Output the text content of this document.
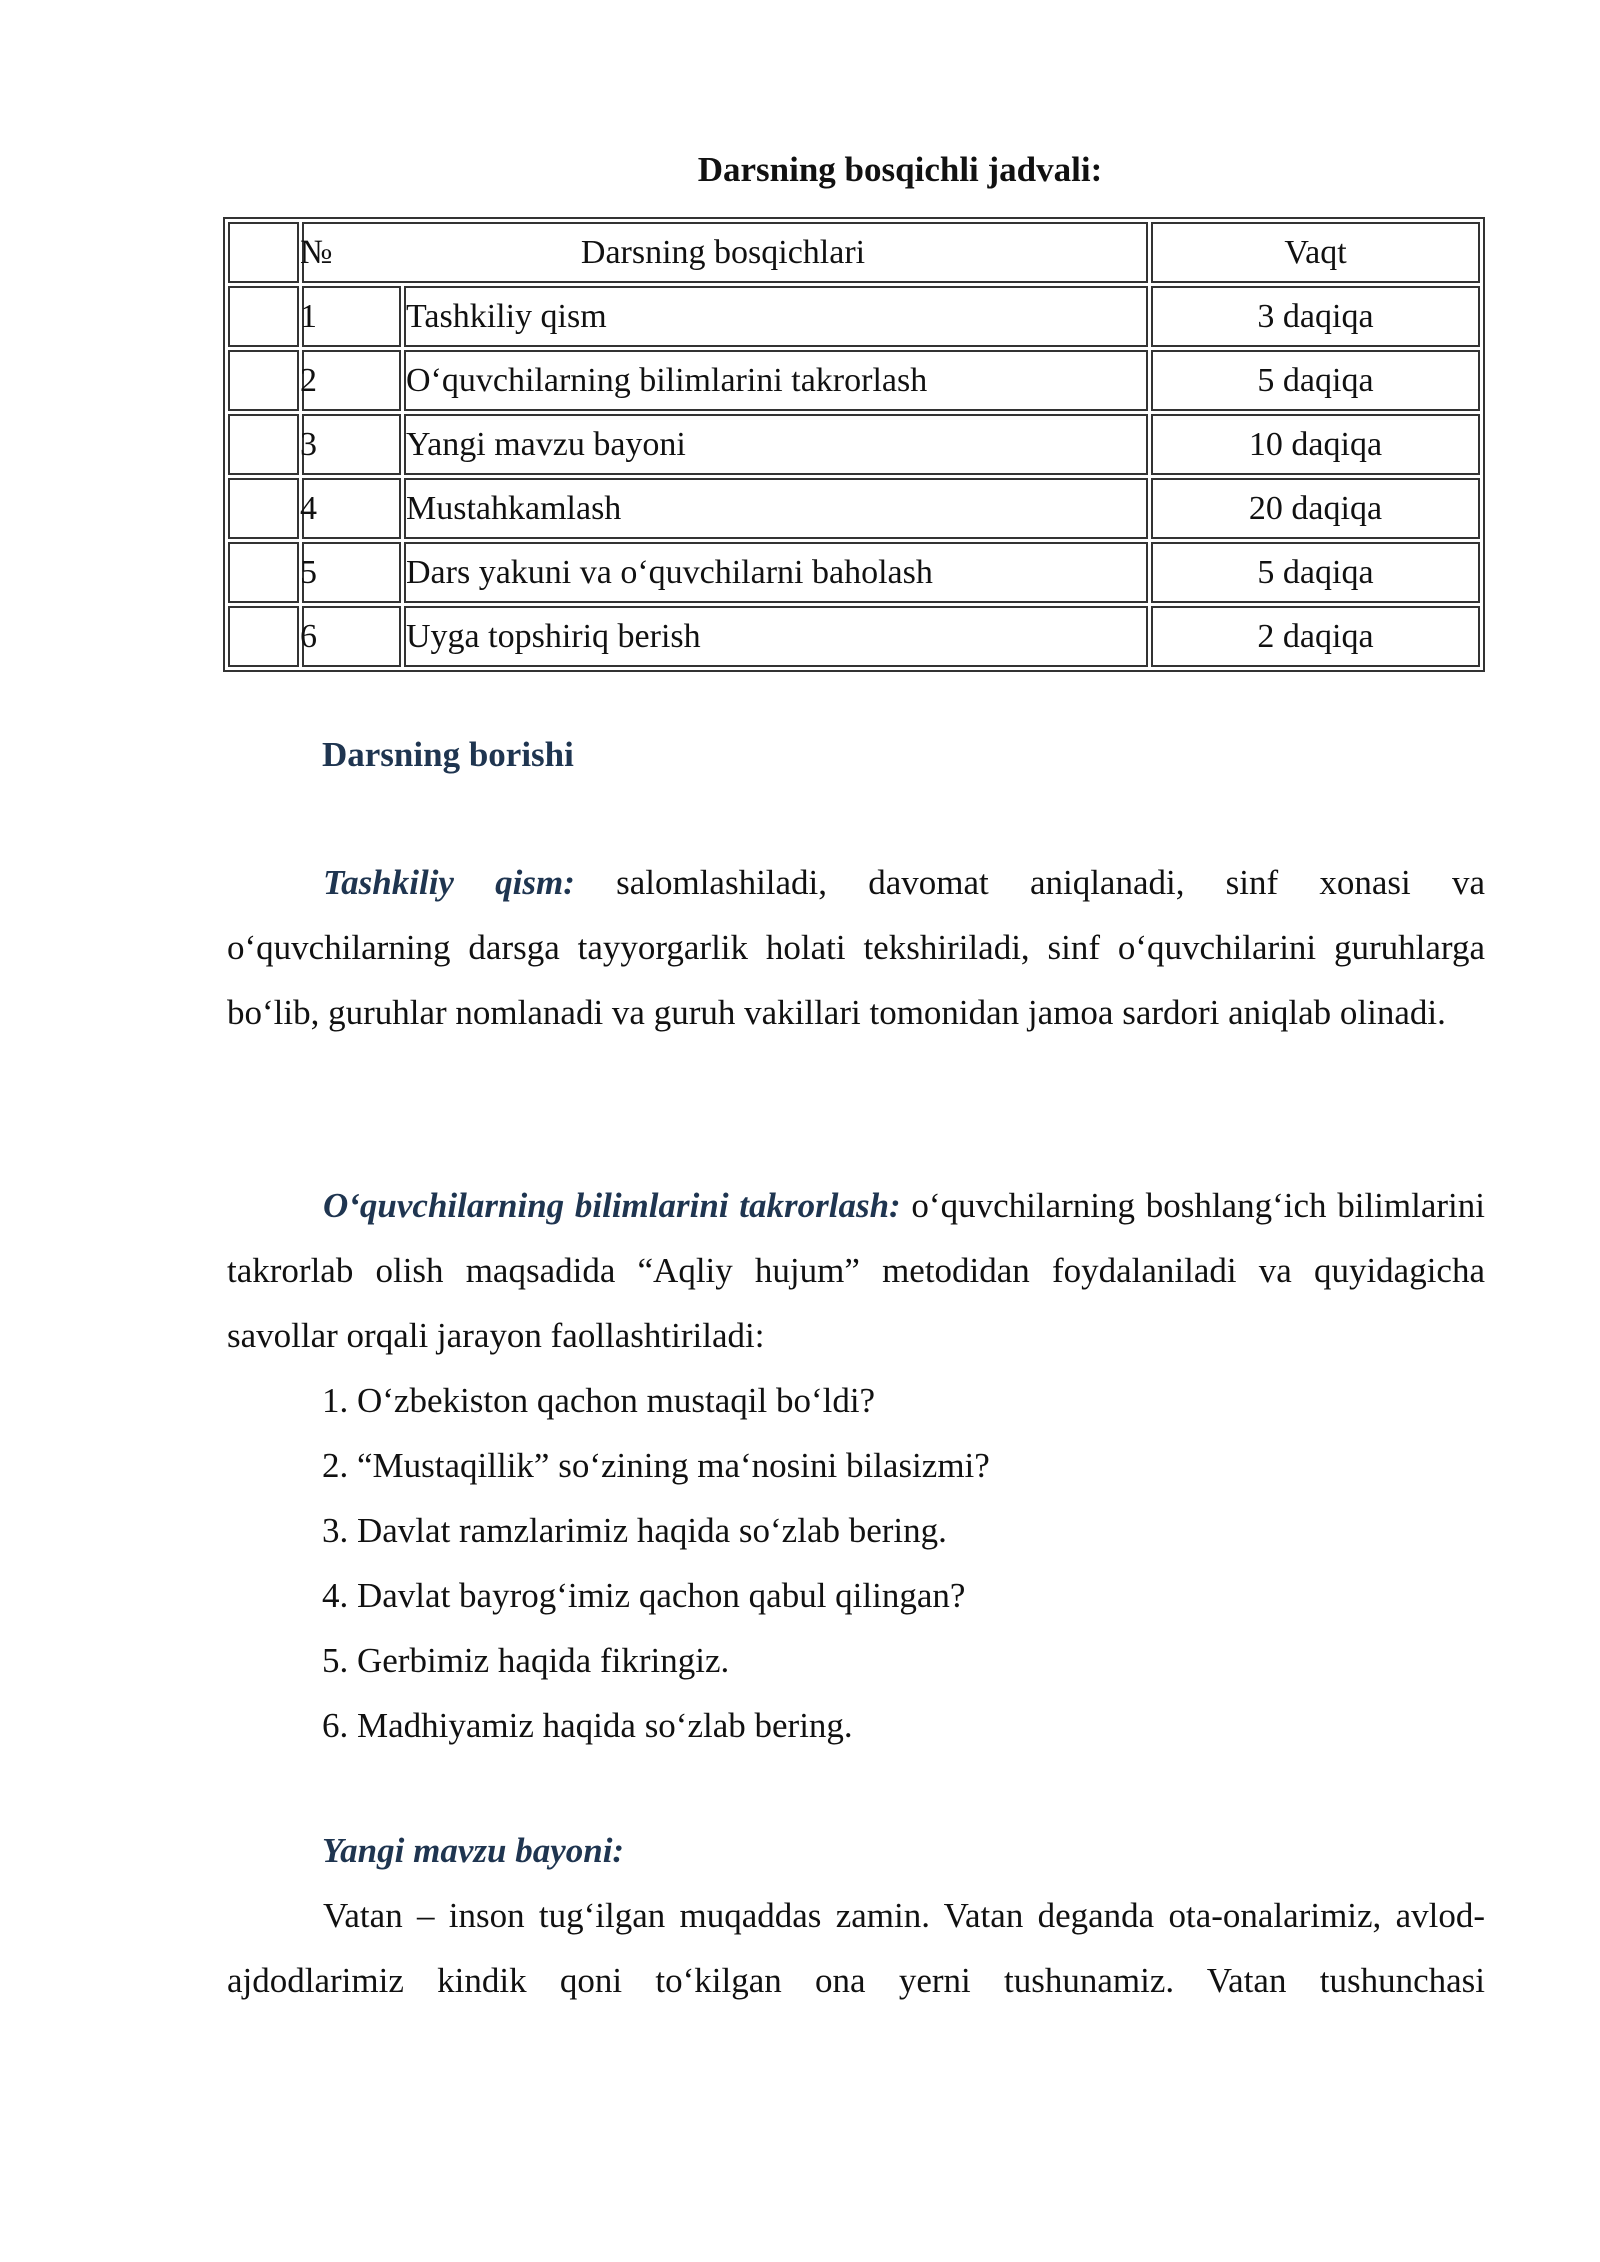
Darsning bosqichli jadvali:

	№ Darsning bosqichlari		Vaqt
	1	Tashkiliy qism	3 daqiqa
	2	O‘quvchilarning bilimlarini takrorlash	5 daqiqa
	3	Yangi mavzu bayoni	10 daqiqa
	4	Mustahkamlash	20 daqiqa
	5	Dars yakuni va o‘quvchilarni baholash	5 daqiqa
	6	Uyga topshiriq berish	2 daqiqa
Darsning borishi

Tashkiliy qism: salomlashiladi, davomat aniqlanadi, sinf xonasi va o‘quvchilarning darsga tayyorgarlik holati tekshiriladi, sinf o‘quvchilarini guruhlarga bo‘lib, guruhlar nomlanadi va guruh vakillari tomonidan jamoa sardori aniqlab olinadi.

O‘quvchilarning bilimlarini takrorlash: o‘quvchilarning boshlang‘ich bilimlarini takrorlab olish maqsadida “Aqliy hujum” metodidan foydalaniladi va quyidagicha savollar orqali jarayon faollashtiriladi:

1. O‘zbekiston qachon mustaqil bo‘ldi?
2. “Mustaqillik” so‘zining ma‘nosini bilasizmi?
3. Davlat ramzlarimiz haqida so‘zlab bering.
4. Davlat bayrog‘imiz qachon qabul qilingan?
5. Gerbimiz haqida fikringiz.
6. Madhiyamiz haqida so‘zlab bering.
Yangi mavzu bayoni:
Vatan – inson tug‘ilgan muqaddas zamin. Vatan deganda ota-onalarimiz, avlod-ajdodlarimiz kindik qoni to‘kilgan ona yerni tushunamiz. Vatan tushunchasi
